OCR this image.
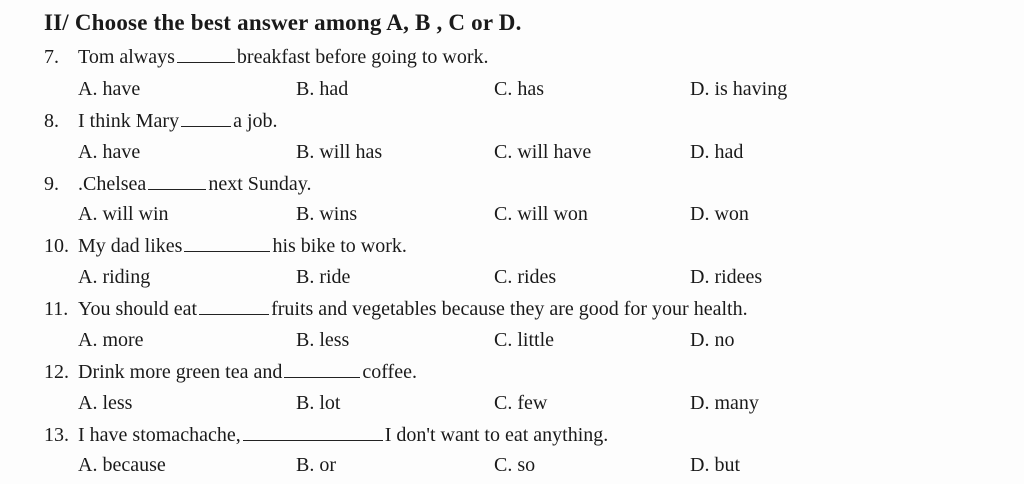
II/ Choose the best answer among A, B , C or D.
7. Tom always	breakfast before going to work.
A. have	B. had	C. has	D. is having
8. I think Mary	a job.
A. have	B. will has	C. will have	D. had
9. .Chelsea	next Sunday.
A. will win	B. wins	C. will won	D. won
10. My dad likes	his bike to work.
A. riding	B. ride	C. rides	D. ridees
11. You should eat	fruits and vegetables because they are good for your health.
A. more	B. less	C. little	D. no
12. Drink more green tea and	coffee.
A. less	B. lot	C. few	D. many
13. I have stomachache,	I don't want to eat anything.
A. because	B. or	C. so	D. but
